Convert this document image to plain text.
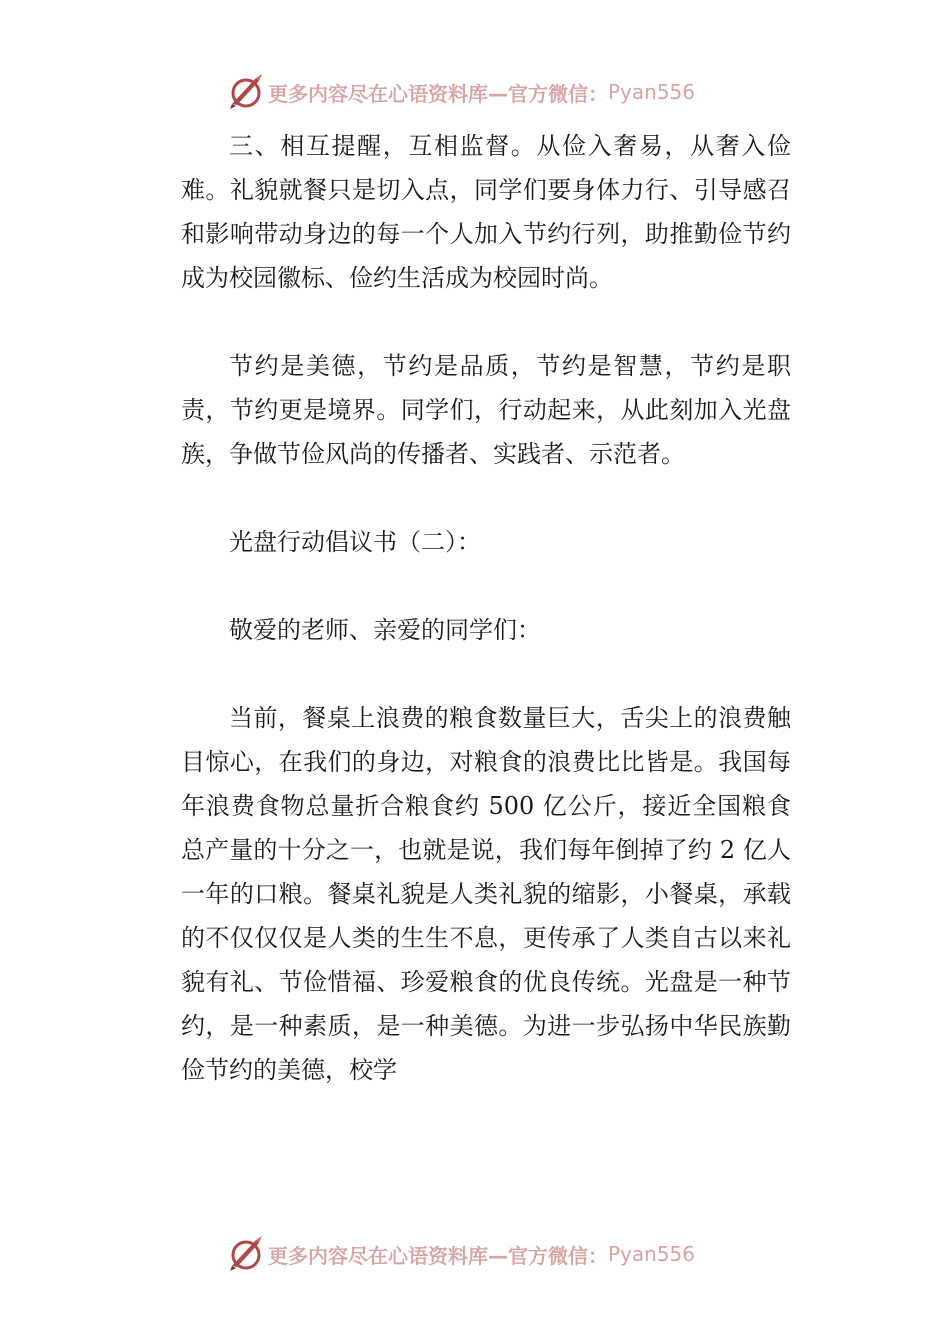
更多内容尽在心语资料库—官方微信： Pyan556

三、相互提醒，互相监督。从俭入奢易，从奢入俭难。礼貌就餐只是切入点，同学们要身体力行、引导感召和影响带动身边的每一个人加入节约行列，助推勤俭节约成为校园徽标、俭约生活成为校园时尚。

节约是美德，节约是品质，节约是智慧，节约是职责，节约更是境界。同学们，行动起来，从此刻加入光盘族，争做节俭风尚的传播者、实践者、示范者。

光盘行动倡议书（二）：

敬爱的老师、亲爱的同学们：

当前，餐桌上浪费的粮食数量巨大，舌尖上的浪费触目惊心，在我们的身边，对粮食的浪费比比皆是。我国每年浪费食物总量折合粮食约 500 亿公斤，接近全国粮食总产量的十分之一，也就是说，我们每年倒掉了约 2 亿人一年的口粮。餐桌礼貌是人类礼貌的缩影，小餐桌，承载的不仅仅仅是人类的生生不息，更传承了人类自古以来礼貌有礼、节俭惜福、珍爱粮食的优良传统。光盘是一种节约，是一种素质，是一种美德。为进一步弘扬中华民族勤俭节约的美德，校学

更多内容尽在心语资料库—官方微信： Pyan556
